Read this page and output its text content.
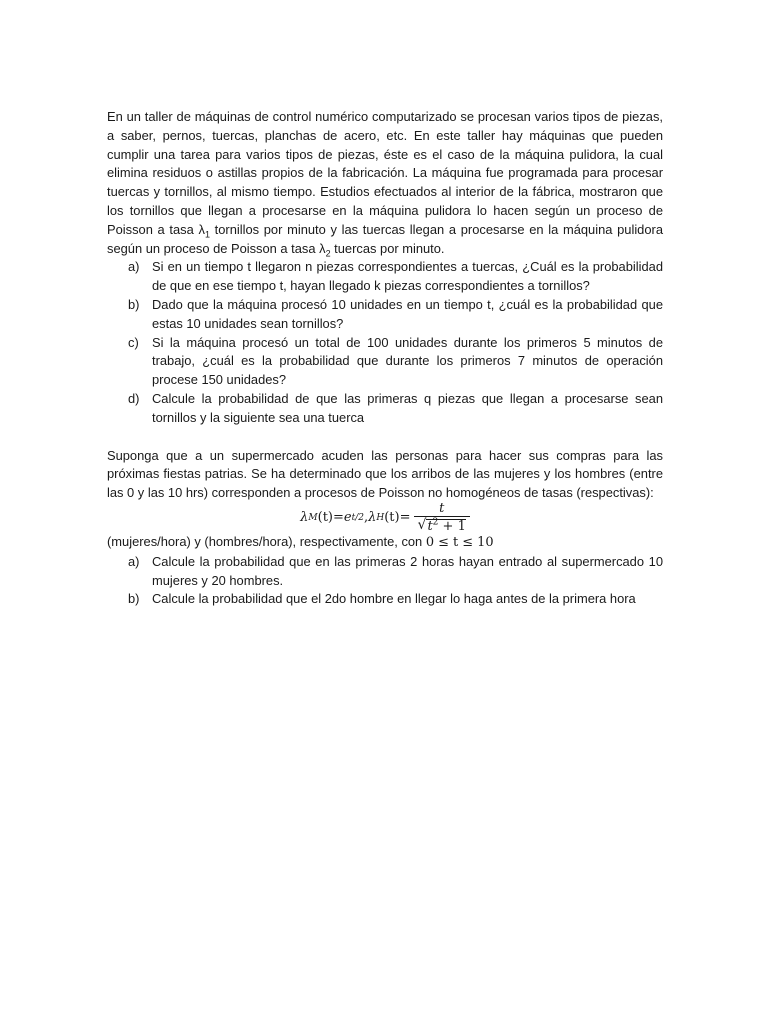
En un taller de máquinas de control numérico computarizado se procesan varios tipos de piezas, a saber, pernos, tuercas, planchas de acero, etc. En este taller hay máquinas que pueden cumplir una tarea para varios tipos de piezas, éste es el caso de la máquina pulidora, la cual elimina residuos o astillas propios de la fabricación. La máquina fue programada para procesar tuercas y tornillos, al mismo tiempo. Estudios efectuados al interior de la fábrica, mostraron que los tornillos que llegan a procesarse en la máquina pulidora lo hacen según un proceso de Poisson a tasa $\lambda_1$ tornillos por minuto y las tuercas llegan a procesarse en la máquina pulidora según un proceso de Poisson a tasa $\lambda_2$ tuercas por minuto.

a) Si en un tiempo t llegaron n piezas correspondientes a tuercas, ¿Cuál es la probabilidad de que en ese tiempo t, hayan llegado k piezas correspondientes a tornillos?
b) Dado que la máquina procesó 10 unidades en un tiempo t, ¿cuál es la probabilidad que estas 10 unidades sean tornillos?
c) Si la máquina procesó un total de 100 unidades durante los primeros 5 minutos de trabajo, ¿cuál es la probabilidad que durante los primeros 7 minutos de operación procese 150 unidades?
d) Calcule la probabilidad de que las primeras q piezas que llegan a procesarse sean tornillos y la siguiente sea una tuerca

Suponga que a un supermercado acuden las personas para hacer sus compras para las próximas fiestas patrias. Se ha determinado que los arribos de las mujeres y los hombres (entre las 0 y las 10 hrs) corresponden a procesos de Poisson no homogéneos de tasas (respectivas):

λ M (t) = e t/2 , λ H $(t) = \frac{t}{√ t^2 + 1}$

(mujeres/hora) y (hombres/hora), respectivamente, con 0 ≤ t ≤ 10

a) Calcule la probabilidad que en las primeras 2 horas hayan entrado al supermercado 10 mujeres y 20 hombres.
b) Calcule la probabilidad que el 2do hombre en llegar lo haga antes de la primera hora
